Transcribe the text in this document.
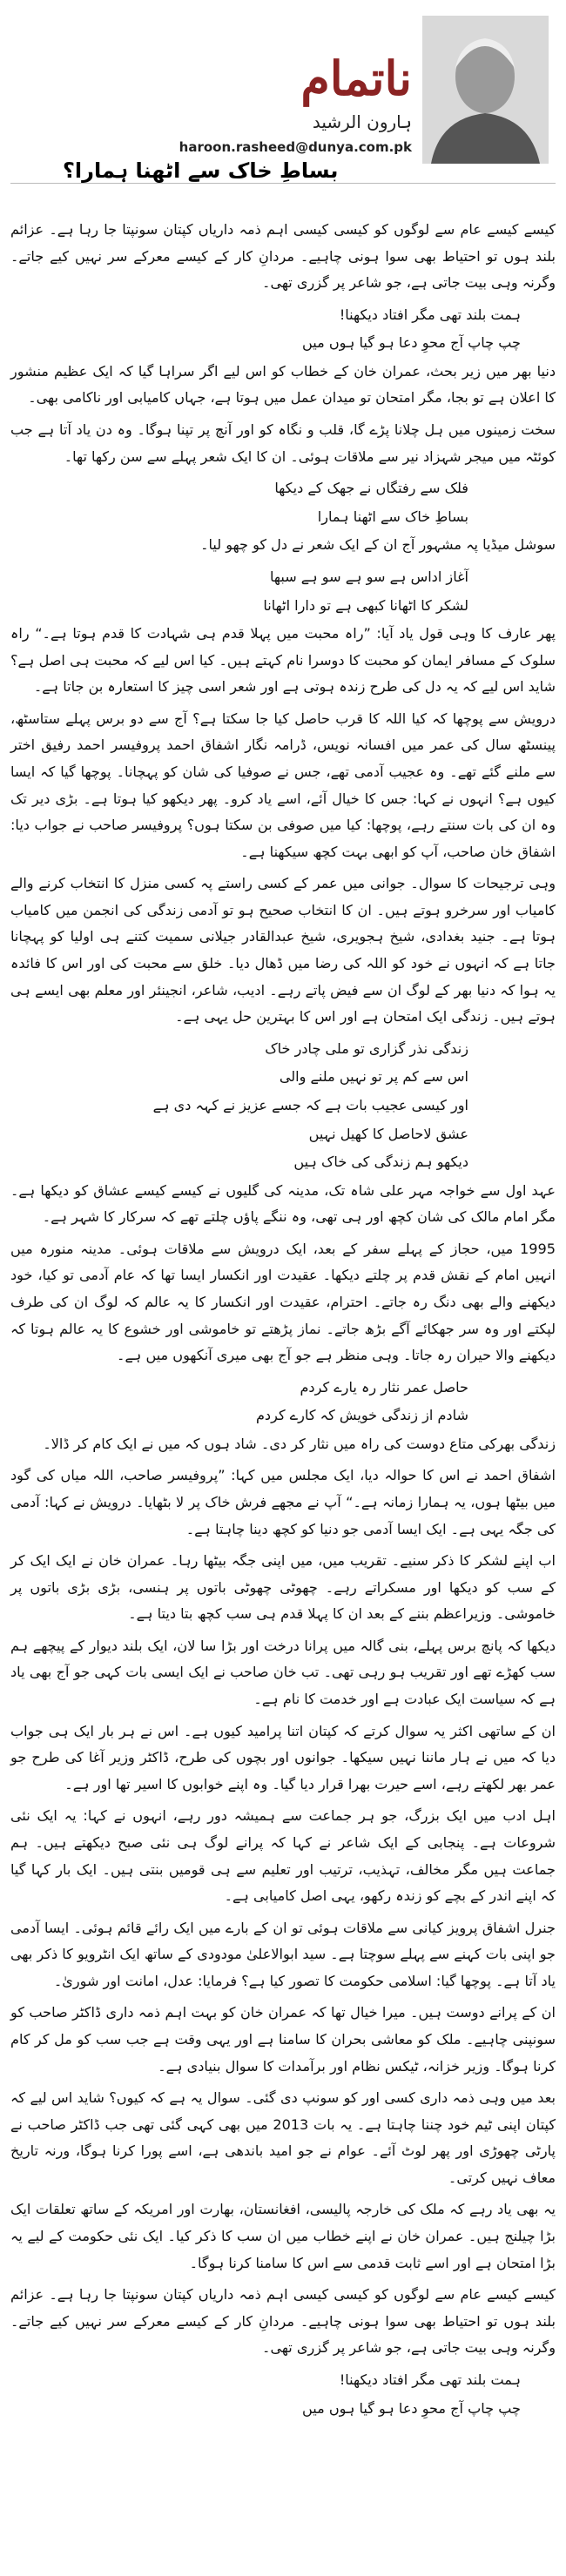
ناتمام
ہارون الرشید
haroon.rasheed@dunya.com.pk
بساطِ خاک سے اٹھنا ہمارا؟

کیسے کیسے عام سے لوگوں کو کیسی کیسی اہم ذمہ داریاں کپتان سونپتا جا رہا ہے۔ عزائم بلند ہوں تو احتیاط بھی سوا ہونی چاہیے۔ مردانِ کار کے کیسے معرکے سر نہیں کیے جاتے۔ وگرنہ وہی بیت جاتی ہے، جو شاعر پر گزری تھی۔

ہمت بلند تھی مگر افتاد دیکھنا!

چپ چاپ آج محوِ دعا ہو گیا ہوں میں

دنیا بھر میں زیر بحث، عمران خان کے خطاب کو اس لیے اگر سراہا گیا کہ ایک عظیم منشور کا اعلان ہے تو بجا، مگر امتحان تو میدان عمل میں ہوتا ہے، جہاں کامیابی اور ناکامی بھی۔

سخت زمینوں میں ہل چلانا پڑے گا، قلب و نگاہ کو اور آنچ پر تپنا ہوگا۔ وہ دن یاد آتا ہے جب کوئٹہ میں میجر شہزاد نیر سے ملاقات ہوئی۔ ان کا ایک شعر پہلے سے سن رکھا تھا۔

فلک سے رفتگاں نے جھک کے دیکھا

بساطِ خاک سے اٹھنا ہمارا

سوشل میڈیا پہ مشہور آج ان کے ایک شعر نے دل کو چھو لیا۔

آغاز اداس ہے سو ہے سو ہے سبھا

لشکر کا اٹھانا کبھی ہے تو دارا اٹھانا

پھر عارف کا وہی قول یاد آیا: ”راہ محبت میں پہلا قدم ہی شہادت کا قدم ہوتا ہے۔“ راہ سلوک کے مسافر ایمان کو محبت کا دوسرا نام کہتے ہیں۔ کیا اس لیے کہ محبت ہی اصل ہے؟ شاید اس لیے کہ یہ دل کی طرح زندہ ہوتی ہے اور شعر اسی چیز کا استعارہ بن جاتا ہے۔

درویش سے پوچھا کہ کیا اللہ کا قرب حاصل کیا جا سکتا ہے؟ آج سے دو برس پہلے ستاسٹھ، پینسٹھ سال کی عمر میں افسانہ نویس، ڈرامہ نگار اشفاق احمد پروفیسر احمد رفیق اختر سے ملنے گئے تھے۔ وہ عجیب آدمی تھے، جس نے صوفیا کی شان کو پہچانا۔ پوچھا گیا کہ ایسا کیوں ہے؟ انہوں نے کہا: جس کا خیال آئے، اسے یاد کرو۔ پھر دیکھو کیا ہوتا ہے۔ بڑی دیر تک وہ ان کی بات سنتے رہے، پوچھا: کیا میں صوفی بن سکتا ہوں؟ پروفیسر صاحب نے جواب دیا: اشفاق خان صاحب، آپ کو ابھی بہت کچھ سیکھنا ہے۔

وہی ترجیحات کا سوال۔ جوانی میں عمر کے کسی راستے پہ کسی منزل کا انتخاب کرنے والے کامیاب اور سرخرو ہوتے ہیں۔ ان کا انتخاب صحیح ہو تو آدمی زندگی کی انجمن میں کامیاب ہوتا ہے۔ جنید بغدادی، شیخ ہجویری، شیخ عبدالقادر جیلانی سمیت کتنے ہی اولیا کو پہچانا جاتا ہے کہ انہوں نے خود کو اللہ کی رضا میں ڈھال دیا۔ خلق سے محبت کی اور اس کا فائدہ یہ ہوا کہ دنیا بھر کے لوگ ان سے فیض پاتے رہے۔ ادیب، شاعر، انجینئر اور معلم بھی ایسے ہی ہوتے ہیں۔ زندگی ایک امتحان ہے اور اس کا بہترین حل یہی ہے۔

زندگی نذر گزاری تو ملی چادر خاک

اس سے کم پر تو نہیں ملنے والی

اور کیسی عجیب بات ہے کہ جسے عزیز نے کہہ دی ہے

عشق لاحاصل کا کھیل نہیں

دیکھو ہم زندگی کی خاک ہیں

عہد اول سے خواجہ مہر علی شاہ تک، مدینہ کی گلیوں نے کیسے کیسے عشاق کو دیکھا ہے۔ مگر امام مالک کی شان کچھ اور ہی تھی، وہ ننگے پاؤں چلتے تھے کہ سرکار کا شہر ہے۔

1995 میں، حجاز کے پہلے سفر کے بعد، ایک درویش سے ملاقات ہوئی۔ مدینہ منورہ میں انہیں امام کے نقش قدم پر چلتے دیکھا۔ عقیدت اور انکسار ایسا تھا کہ عام آدمی تو کیا، خود دیکھنے والے بھی دنگ رہ جاتے۔ احترام، عقیدت اور انکسار کا یہ عالم کہ لوگ ان کی طرف لپکتے اور وہ سر جھکائے آگے بڑھ جاتے۔ نماز پڑھتے تو خاموشی اور خشوع کا یہ عالم ہوتا کہ دیکھنے والا حیران رہ جاتا۔ وہی منظر ہے جو آج بھی میری آنکھوں میں ہے۔

حاصل عمر نثار رہ یارے کردم

شادم از زندگی خویش کہ کارے کردم

زندگی بھرکی متاع دوست کی راہ میں نثار کر دی۔ شاد ہوں کہ میں نے ایک کام کر ڈالا۔

اشفاق احمد نے اس کا حوالہ دیا، ایک مجلس میں کہا: ”پروفیسر صاحب، اللہ میاں کی گود میں بیٹھا ہوں، یہ ہمارا زمانہ ہے۔“ آپ نے مجھے فرش خاک پر لا بٹھایا۔ درویش نے کہا: آدمی کی جگہ یہی ہے۔ ایک ایسا آدمی جو دنیا کو کچھ دینا چاہتا ہے۔

اب اپنے لشکر کا ذکر سنیے۔ تقریب میں، میں اپنی جگہ بیٹھا رہا۔ عمران خان نے ایک ایک کر کے سب کو دیکھا اور مسکراتے رہے۔ چھوٹی چھوٹی باتوں پر ہنسی، بڑی بڑی باتوں پر خاموشی۔ وزیراعظم بننے کے بعد ان کا پہلا قدم ہی سب کچھ بتا دیتا ہے۔

دیکھا کہ پانچ برس پہلے، بنی گالہ میں پرانا درخت اور بڑا سا لان، ایک بلند دیوار کے پیچھے ہم سب کھڑے تھے اور تقریب ہو رہی تھی۔ تب خان صاحب نے ایک ایسی بات کہی جو آج بھی یاد ہے کہ سیاست ایک عبادت ہے اور خدمت کا نام ہے۔

ان کے ساتھی اکثر یہ سوال کرتے کہ کپتان اتنا پرامید کیوں ہے۔ اس نے ہر بار ایک ہی جواب دیا کہ میں نے ہار ماننا نہیں سیکھا۔ جوانوں اور بچوں کی طرح، ڈاکٹر وزیر آغا کی طرح جو عمر بھر لکھتے رہے، اسے حیرت بھرا قرار دیا گیا۔ وہ اپنے خوابوں کا اسیر تھا اور ہے۔

اہل ادب میں ایک بزرگ، جو ہر جماعت سے ہمیشہ دور رہے، انہوں نے کہا: یہ ایک نئی شروعات ہے۔ پنجابی کے ایک شاعر نے کہا کہ پرانے لوگ ہی نئی صبح دیکھتے ہیں۔ ہم جماعت ہیں مگر مخالف، تہذیب، ترتیب اور تعلیم سے ہی قومیں بنتی ہیں۔ ایک بار کہا گیا کہ اپنے اندر کے بچے کو زندہ رکھو، یہی اصل کامیابی ہے۔

جنرل اشفاق پرویز کیانی سے ملاقات ہوئی تو ان کے بارے میں ایک رائے قائم ہوئی۔ ایسا آدمی جو اپنی بات کہنے سے پہلے سوچتا ہے۔ سید ابوالاعلیٰ مودودی کے ساتھ ایک انٹرویو کا ذکر بھی یاد آتا ہے۔ پوچھا گیا: اسلامی حکومت کا تصور کیا ہے؟ فرمایا: عدل، امانت اور شوریٰ۔

ان کے پرانے دوست ہیں۔ میرا خیال تھا کہ عمران خان کو بہت اہم ذمہ داری ڈاکٹر صاحب کو سونپنی چاہیے۔ ملک کو معاشی بحران کا سامنا ہے اور یہی وقت ہے جب سب کو مل کر کام کرنا ہوگا۔ وزیر خزانہ، ٹیکس نظام اور برآمدات کا سوال بنیادی ہے۔

بعد میں وہی ذمہ داری کسی اور کو سونپ دی گئی۔ سوال یہ ہے کہ کیوں؟ شاید اس لیے کہ کپتان اپنی ٹیم خود چننا چاہتا ہے۔ یہ بات 2013 میں بھی کہی گئی تھی جب ڈاکٹر صاحب نے پارٹی چھوڑی اور پھر لوٹ آئے۔ عوام نے جو امید باندھی ہے، اسے پورا کرنا ہوگا، ورنہ تاریخ معاف نہیں کرتی۔

یہ بھی یاد رہے کہ ملک کی خارجہ پالیسی، افغانستان، بھارت اور امریکہ کے ساتھ تعلقات ایک بڑا چیلنج ہیں۔ عمران خان نے اپنے خطاب میں ان سب کا ذکر کیا۔ ایک نئی حکومت کے لیے یہ بڑا امتحان ہے اور اسے ثابت قدمی سے اس کا سامنا کرنا ہوگا۔

کیسے کیسے عام سے لوگوں کو کیسی کیسی اہم ذمہ داریاں کپتان سونپتا جا رہا ہے۔ عزائم بلند ہوں تو احتیاط بھی سوا ہونی چاہیے۔ مردانِ کار کے کیسے معرکے سر نہیں کیے جاتے۔ وگرنہ وہی بیت جاتی ہے، جو شاعر پر گزری تھی۔

ہمت بلند تھی مگر افتاد دیکھنا!

چپ چاپ آج محوِ دعا ہو گیا ہوں میں
